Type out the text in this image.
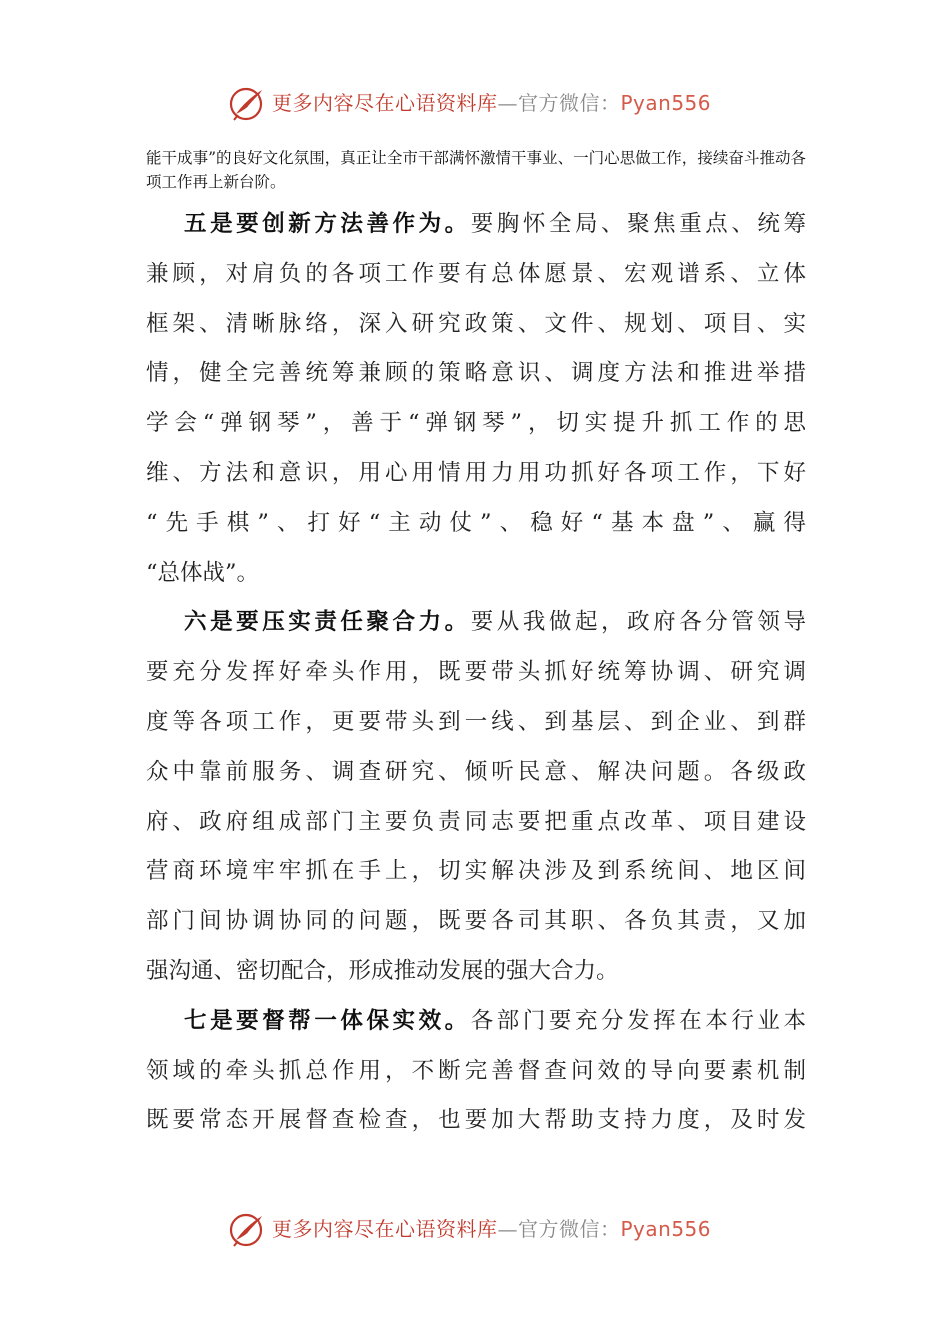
更多内容尽在心语资料库—官方微信：Pyan556
能干成事”的良好文化氛围，真正让全市干部满怀激情干事业、一门心思做工作，接续奋斗推动各项工作再上新台阶。
五是要创新方法善作为。要胸怀全局、聚焦重点、统筹
兼顾，对肩负的各项工作要有总体愿景、宏观谱系、立体
框架、清晰脉络，深入研究政策、文件、规划、项目、实
情，健全完善统筹兼顾的策略意识、调度方法和推进举措
学会“弹钢琴”，善于“弹钢琴”，切实提升抓工作的思
维、方法和意识，用心用情用力用功抓好各项工作，下好
“先手棋”、打好“主动仗”、稳好“基本盘”、赢得
“总体战”。
六是要压实责任聚合力。要从我做起，政府各分管领导
要充分发挥好牵头作用，既要带头抓好统筹协调、研究调
度等各项工作，更要带头到一线、到基层、到企业、到群
众中靠前服务、调查研究、倾听民意、解决问题。各级政
府、政府组成部门主要负责同志要把重点改革、项目建设
营商环境牢牢抓在手上，切实解决涉及到系统间、地区间
部门间协调协同的问题，既要各司其职、各负其责，又加
强沟通、密切配合，形成推动发展的强大合力。
七是要督帮一体保实效。各部门要充分发挥在本行业本
领域的牵头抓总作用，不断完善督查问效的导向要素机制
既要常态开展督查检查，也要加大帮助支持力度，及时发
更多内容尽在心语资料库—官方微信：Pyan556
